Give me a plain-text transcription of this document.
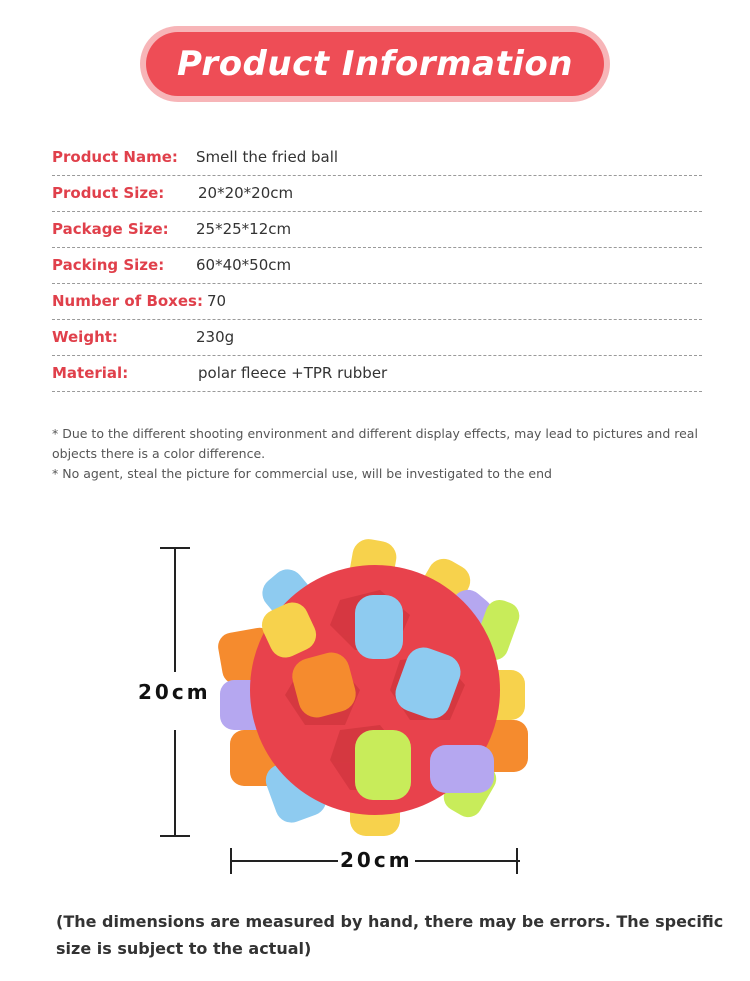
Product Information
Product Name: Smell the fried ball
Product Size: 20*20*20cm
Package Size: 25*25*12cm
Packing Size: 60*40*50cm
Number of Boxes: 70
Weight:	230g
Material:	polar fleece +TPR rubber

* Due to the different shooting environment and different display effects, may lead to pictures and real objects there is a color difference.

* No agent, steal the picture for commercial use, will be investigated to the end

20cm
20cm
(The dimensions are measured by hand, there may be errors. The specific size is subject to the actual)
